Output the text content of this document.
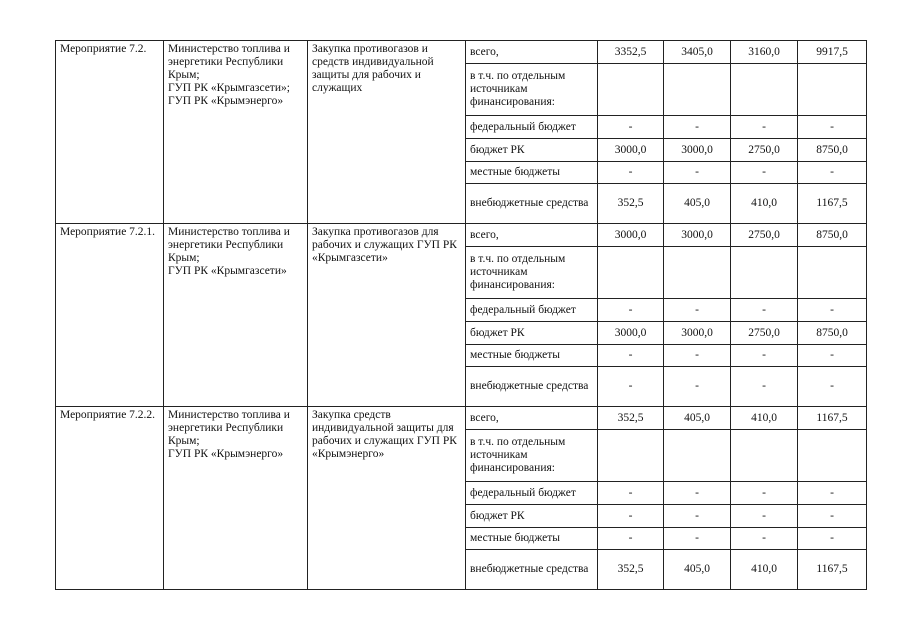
Мероприятие 7.2.	Министерство топлива и энергетики Республики Крым;
ГУП РК «Крымгазсети»;
ГУП РК «Крымэнерго»	Закупка противогазов и средств индивидуальной защиты для рабочих и служащих	всего,	3352,5	3405,0	3160,0	9917,5
			в т.ч. по отдельным источникам финансирования:				
			федеральный бюджет	-	-	-	-
			бюджет РК	3000,0	3000,0	2750,0	8750,0
			местные бюджеты	-	-	-	-
			внебюджетные средства	352,5	405,0	410,0	1167,5
Мероприятие 7.2.1.	Министерство топлива и энергетики Республики Крым;
ГУП РК «Крымгазсети»	Закупка противогазов для рабочих и служащих ГУП РК «Крымгазсети»	всего,	3000,0	3000,0	2750,0	8750,0
			в т.ч. по отдельным источникам финансирования:				
			федеральный бюджет	-	-	-	-
			бюджет РК	3000,0	3000,0	2750,0	8750,0
			местные бюджеты	-	-	-	-
			внебюджетные средства	-	-	-	-
Мероприятие 7.2.2.	Министерство топлива и энергетики Республики Крым;
ГУП РК «Крымэнерго»	Закупка средств индивидуальной защиты для рабочих и служащих ГУП РК «Крымэнерго»	всего,	352,5	405,0	410,0	1167,5
			в т.ч. по отдельным источникам финансирования:				
			федеральный бюджет	-	-	-	-
			бюджет РК	-	-	-	-
			местные бюджеты	-	-	-	-
			внебюджетные средства	352,5	405,0	410,0	1167,5
